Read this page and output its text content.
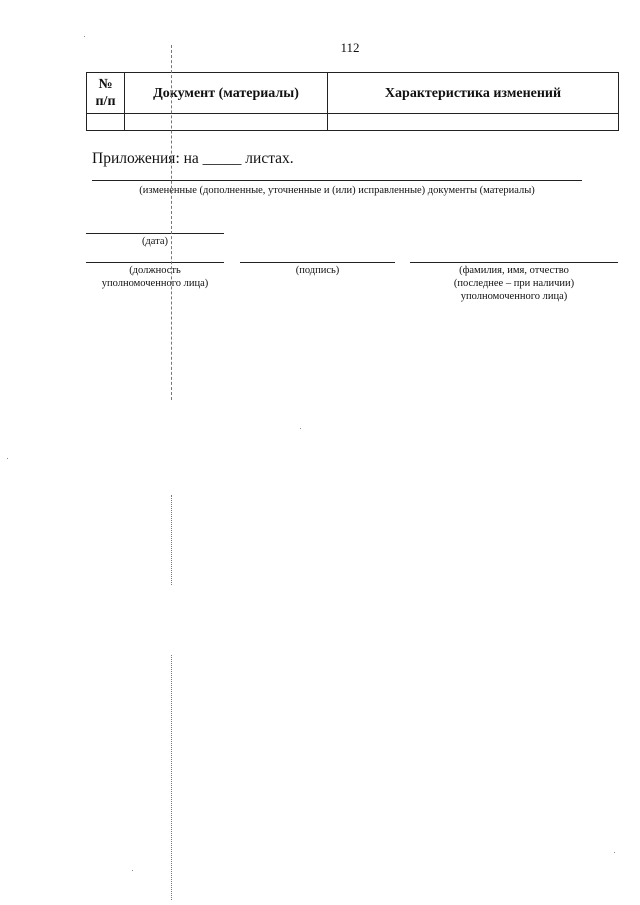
112
№
п/п	Документ (материалы)	Характеристика изменений

Приложения: на _____ листах.
(измененные (дополненные, уточненные и (или) исправленные) документы (материалы)
(дата)
(должность
уполномоченного лица)
(подпись)	(фамилия, имя, отчество
(последнее – при наличии)
уполномоченного лица)
